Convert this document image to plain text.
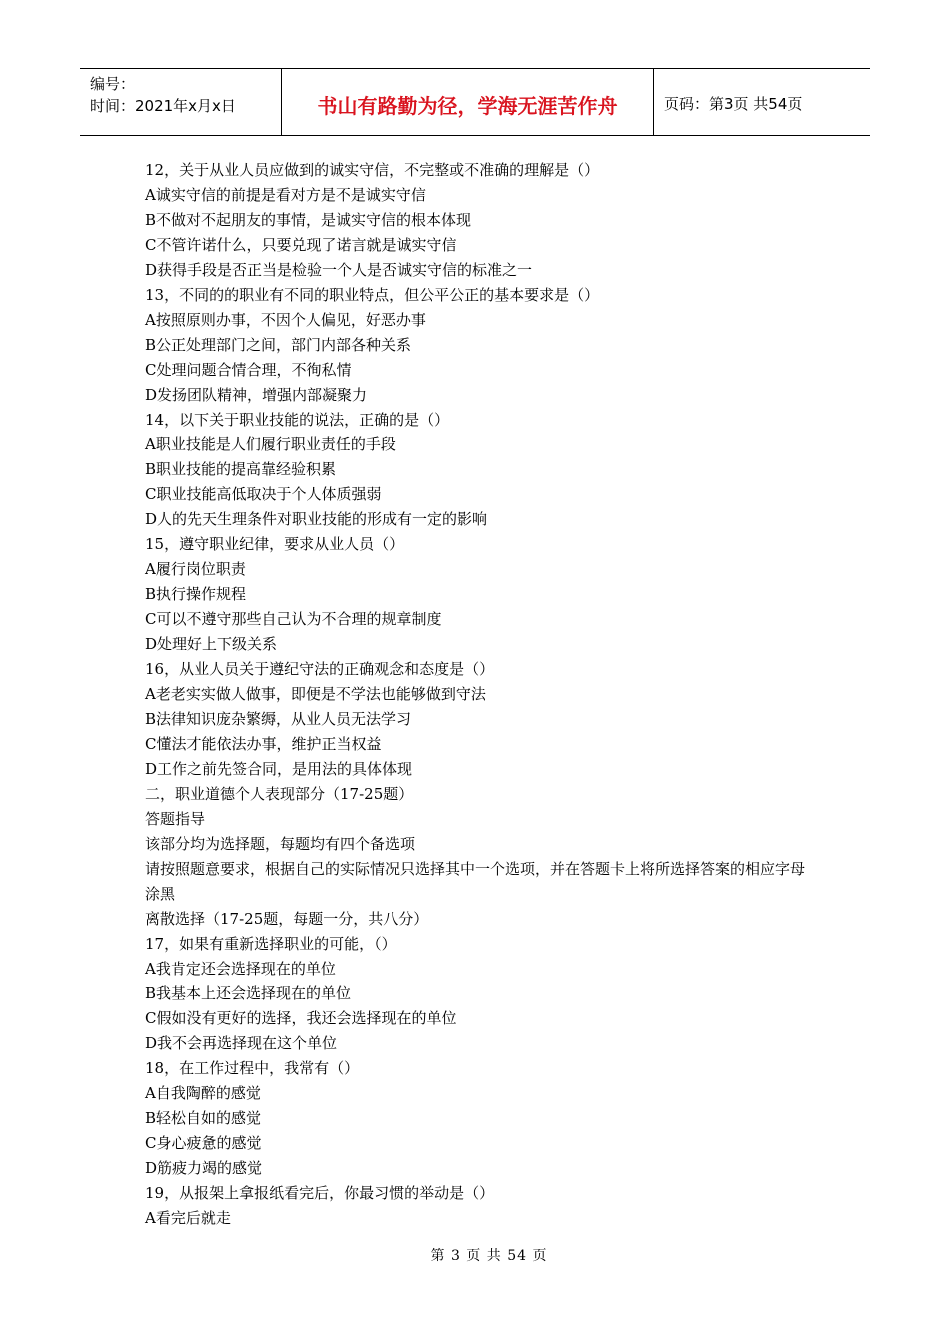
编号：
时间：2021年x月x日	书山有路勤为径，学海无涯苦作舟	页码：第3页 共54页
12，关于从业人员应做到的诚实守信，不完整或不准确的理解是（）
A诚实守信的前提是看对方是不是诚实守信
B不做对不起朋友的事情，是诚实守信的根本体现
C不管许诺什么，只要兑现了诺言就是诚实守信
D获得手段是否正当是检验一个人是否诚实守信的标准之一
13，不同的的职业有不同的职业特点，但公平公正的基本要求是（）
A按照原则办事，不因个人偏见，好恶办事
B公正处理部门之间，部门内部各种关系
C处理问题合情合理，不徇私情
D发扬团队精神，增强内部凝聚力
14，以下关于职业技能的说法，正确的是（）
A职业技能是人们履行职业责任的手段
B职业技能的提高靠经验积累
C职业技能高低取决于个人体质强弱
D人的先天生理条件对职业技能的形成有一定的影响
15，遵守职业纪律，要求从业人员（）
A履行岗位职责
B执行操作规程
C可以不遵守那些自己认为不合理的规章制度
D处理好上下级关系
16，从业人员关于遵纪守法的正确观念和态度是（）
A老老实实做人做事，即便是不学法也能够做到守法
B法律知识庞杂繁缛，从业人员无法学习
C懂法才能依法办事，维护正当权益
D工作之前先签合同，是用法的具体体现
二，职业道德个人表现部分（17-25题）
答题指导
该部分均为选择题，每题均有四个备选项
请按照题意要求，根据自己的实际情况只选择其中一个选项，并在答题卡上将所选择答案的相应字母涂黑
离散选择（17-25题，每题一分，共八分）
17，如果有重新选择职业的可能，（）
A我肯定还会选择现在的单位
B我基本上还会选择现在的单位
C假如没有更好的选择，我还会选择现在的单位
D我不会再选择现在这个单位
18，在工作过程中，我常有（）
A自我陶醉的感觉
B轻松自如的感觉
C身心疲惫的感觉
D筋疲力竭的感觉
19，从报架上拿报纸看完后，你最习惯的举动是（）
A看完后就走
第 3 页 共 54 页
